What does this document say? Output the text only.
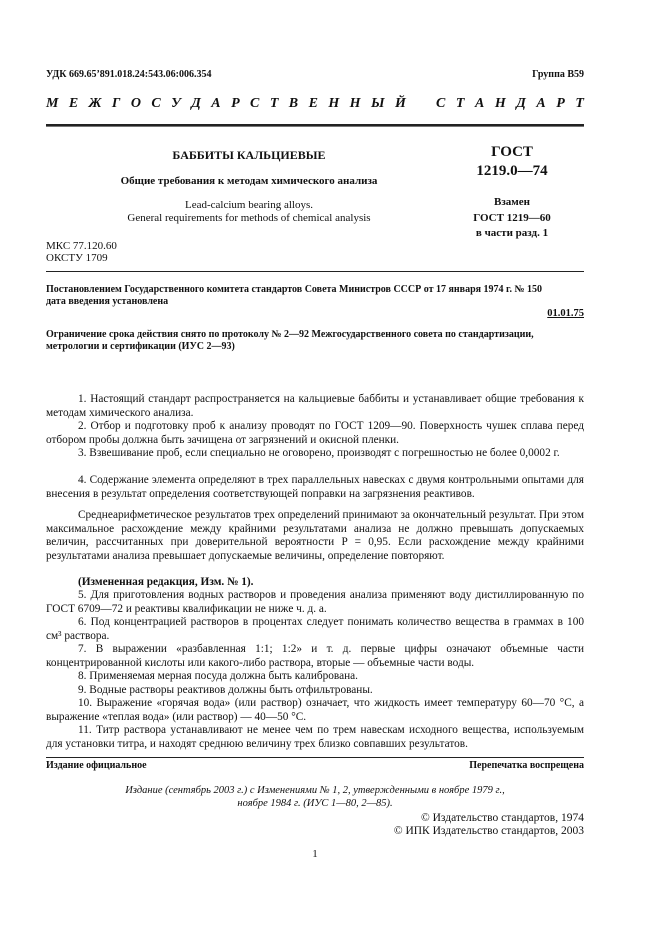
УДК 669.65’891.018.24:543.06:006.354	Группа В59
М Е Ж Г О С У Д А Р С Т В Е Н Н Ы Й С Т А Н Д А Р Т
БАББИТЫ КАЛЬЦИЕВЫЕ
Общие требования к методам химического анализа
Lead-calcium bearing alloys.
General requirements for methods of chemical analysis
ГОСТ
1219.0—74
Взамен
ГОСТ 1219—60
в части разд. 1
МКС 77.120.60
ОКСТУ 1709
Постановлением Государственного комитета стандартов Совета Министров СССР от 17 января 1974 г. № 150
дата введения установлена
01.01.75
Ограничение срока действия снято по протоколу № 2—92 Межгосударственного совета по стандартизации,
метрологии и сертификации (ИУС 2—93)
1. Настоящий стандарт распространяется на кальциевые баббиты и устанавливает общие требования к методам химического анализа.
2. Отбор и подготовку проб к анализу проводят по ГОСТ 1209—90. Поверхность чушек сплава перед отбором пробы должна быть зачищена от загрязнений и окисной пленки.
3. Взвешивание проб, если специально не оговорено, производят с погрешностью не более 0,0002 г.
4. Содержание элемента определяют в трех параллельных навесках с двумя контрольными опытами для внесения в результат определения соответствующей поправки на загрязнения реактивов.
Среднеарифметическое результатов трех определений принимают за окончательный результат. При этом максимальное расхождение между крайними результатами анализа не должно превышать допускаемых величин, рассчитанных при доверительной вероятности P = 0,95. Если расхождение между крайними результатами анализа превышает допускаемые величины, определение повторяют.
(Измененная редакция, Изм. № 1).
5. Для приготовления водных растворов и проведения анализа применяют воду дистиллированную по ГОСТ 6709—72 и реактивы квалификации не ниже ч. д. а.
6. Под концентрацией растворов в процентах следует понимать количество вещества в граммах в 100 см³ раствора.
7. В выражении «разбавленная 1:1; 1:2» и т. д. первые цифры означают объемные части концентрированной кислоты или какого-либо раствора, вторые — объемные части воды.
8. Применяемая мерная посуда должна быть калибрована.
9. Водные растворы реактивов должны быть отфильтрованы.
10. Выражение «горячая вода» (или раствор) означает, что жидкость имеет температуру 60—70 °С, а выражение «теплая вода» (или раствор) — 40—50 °С.
11. Титр раствора устанавливают не менее чем по трем навескам исходного вещества, используемым для установки титра, и находят среднюю величину трех близко совпавших результатов.
Издание официальное	Перепечатка воспрещена
Издание (сентябрь 2003 г.) с Изменениями № 1, 2, утвержденными в ноябре 1979 г.,
ноябре 1984 г. (ИУС 1—80, 2—85).
© Издательство стандартов, 1974
© ИПК Издательство стандартов, 2003
1
